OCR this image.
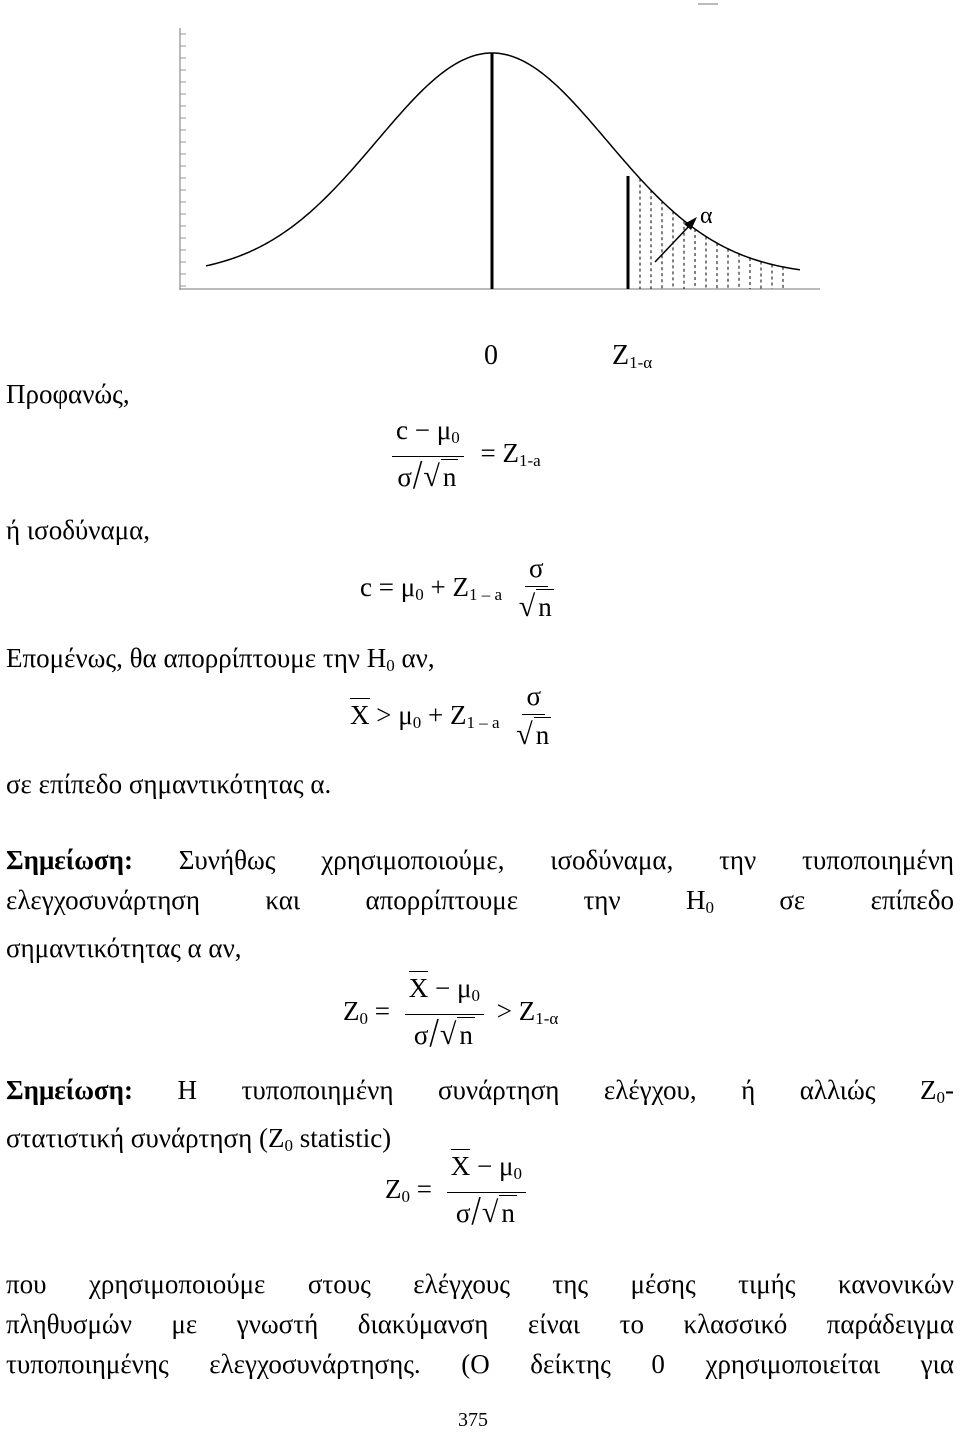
α
0	Z1-α
Προφανώς,
$\frac{c - \mu_0}{\sigma/√ n} = Z_{1-a}$
ή ισοδύναμα,
$c = \mu_0 + Z_{1 - a} \frac{\sigma}{√ n}$
Επομένως, θα απορρίπτουμε την $H_0$ αν,
$X > \mu_0 + Z_{1 - a} \frac{\sigma}{√ n}$
σε επίπεδο σημαντικότητας α.
Σημείωση: Συνήθως χρησιμοποιούμε, ισοδύναμα, την τυποποιημένη
ελεγχοσυνάρτηση και απορρίπτουμε την $H_0$ σε επίπεδο
σημαντικότητας α αν,
$Z_0 = \frac{X - \mu_0}{\sigma/√ n} > Z_{1-\alpha}$
Σημείωση: Η τυποποιημένη συνάρτηση ελέγχου, ή αλλιώς $Z_0-$
στατιστική συνάρτηση ($Z_0$ statistic)
$Z_0 = \frac{X - \mu_0}{\sigma/√ n}$
που χρησιμοποιούμε στους ελέγχους της μέσης τιμής κανονικών
πληθυσμών με γνωστή διακύμανση είναι το κλασσικό παράδειγμα
τυποποιημένης ελεγχοσυνάρτησης. (Ο δείκτης 0 χρησιμοποιείται για
375
